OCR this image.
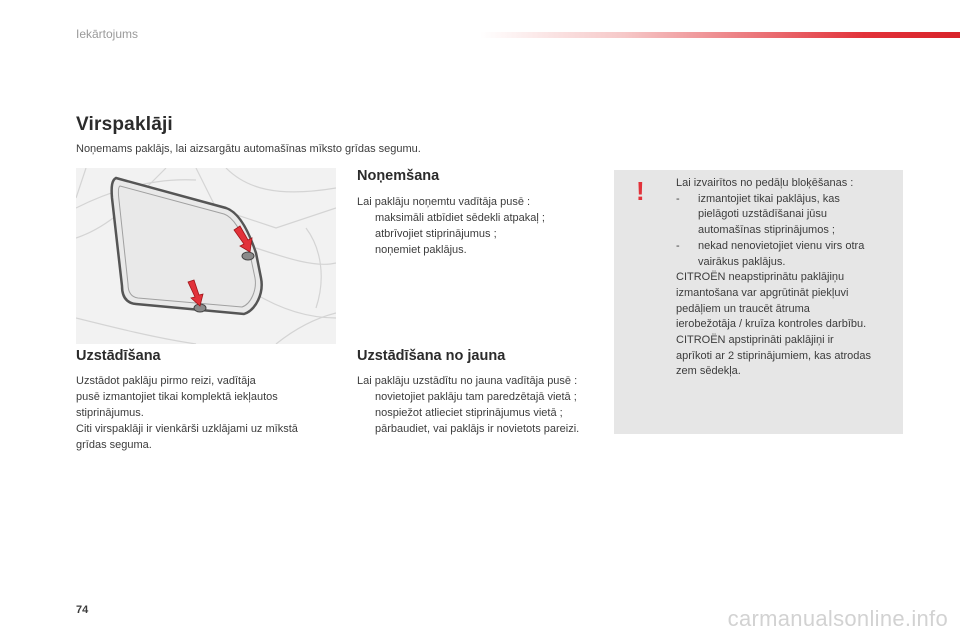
Iekārtojums
Virspaklāji
Noņemams paklājs, lai aizsargātu automašīnas mīksto grīdas segumu.
Noņemšana

Lai paklāju noņemtu vadītāja pusē :

maksimāli atbīdiet sēdekli atpakaļ ;
atbrīvojiet stiprinājumus ;
noņemiet paklājus.
Uzstādīšana

Uzstādot paklāju pirmo reizi, vadītāja

pusē izmantojiet tikai komplektā iekļautos

stiprinājumus.

Citi virspaklāji ir vienkārši uzklājami uz mīkstā

grīdas seguma.

Uzstādīšana no jauna

Lai paklāju uzstādītu no jauna vadītāja pusē :

novietojiet paklāju tam paredzētajā vietā ;
nospiežot atlieciet stiprinājumus vietā ;
pārbaudiet, vai paklājs ir novietots pareizi.
!	Lai izvairītos no pedāļu bloķēšanas :

- izmantojiet tikai paklājus, kas
pielāgoti uzstādīšanai jūsu
automašīnas stiprinājumos ;
- nekad nenovietojiet vienu virs otra
vairākus paklājus.

CITROËN neapstiprinātu paklājiņu

izmantošana var apgrūtināt piekļuvi

pedāļiem un traucēt ātruma

ierobežotāja / kruīza kontroles darbību.

CITROËN apstiprināti paklājiņi ir

aprīkoti ar 2 stiprinājumiem, kas atrodas

zem sēdekļa.

74	carmanualsonline.info
